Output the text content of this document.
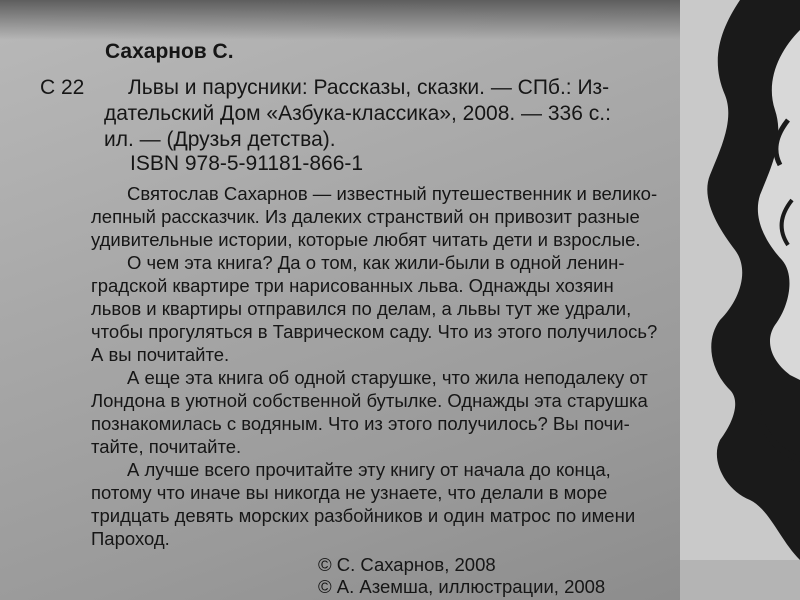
Сахарнов С.
С 22 Львы и парусники: Рассказы, сказки. — СПб.: Из-
дательский Дом «Азбука-классика», 2008. — 336 с.:
ил. — (Друзья детства).
ISBN 978-5-91181-866-1
Святослав Сахарнов — известный путешественник и велико-
лепный рассказчик. Из далеких странствий он привозит разные
удивительные истории, которые любят читать дети и взрослые.
О чем эта книга? Да о том, как жили-были в одной ленин-
градской квартире три нарисованных льва. Однажды хозяин
львов и квартиры отправился по делам, а львы тут же удрали,
чтобы прогуляться в Таврическом саду. Что из этого получилось?
А вы почитайте.
А еще эта книга об одной старушке, что жила неподалеку от
Лондона в уютной собственной бутылке. Однажды эта старушка
познакомилась с водяным. Что из этого получилось? Вы почи-
тайте, почитайте.
А лучше всего прочитайте эту книгу от начала до конца,
потому что иначе вы никогда не узнаете, что делали в море
тридцать девять морских разбойников и один матрос по имени
Пароход.
© С. Сахарнов, 2008
© А. Аземша, иллюстрации, 2008
